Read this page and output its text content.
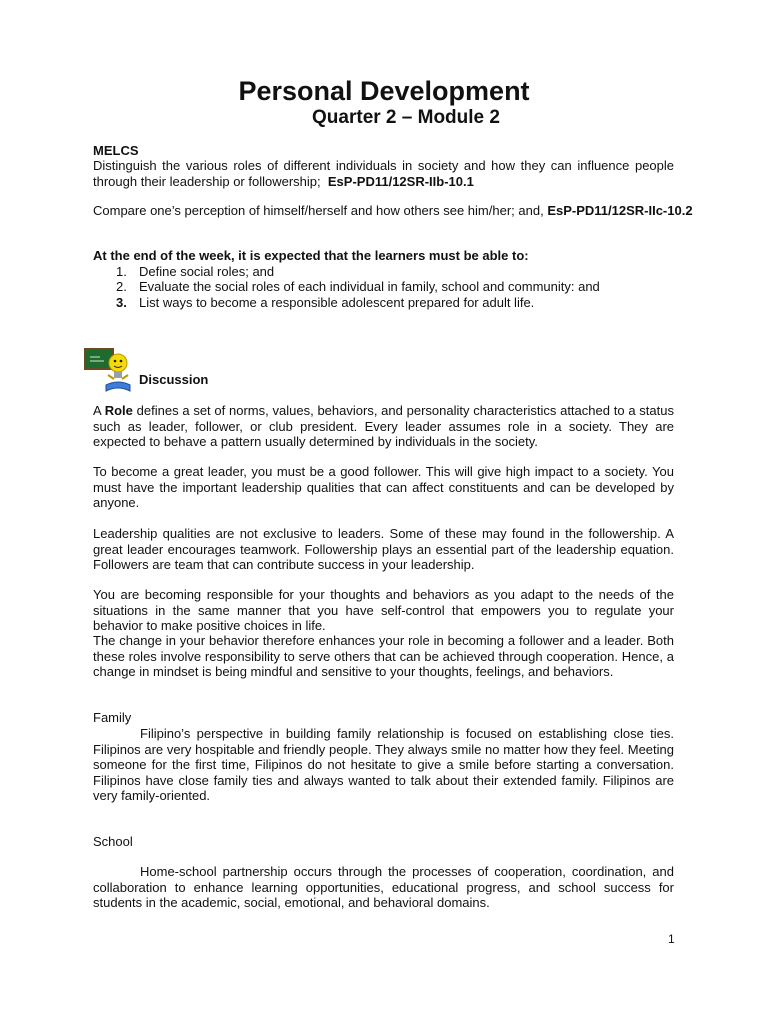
Personal Development
Quarter 2 – Module 2
MELCS
Distinguish the various roles of different individuals in society and how they can influence people through their leadership or followership; EsP-PD11/12SR-IIb-10.1
Compare one’s perception of himself/herself and how others see him/her; and, EsP-PD11/12SR-IIc-10.2
At the end of the week, it is expected that the learners must be able to:
1. Define social roles; and
2. Evaluate the social roles of each individual in family, school and community: and
3. List ways to become a responsible adolescent prepared for adult life.
Discussion
A Role defines a set of norms, values, behaviors, and personality characteristics attached to a status such as leader, follower, or club president. Every leader assumes role in a society. They are expected to behave a pattern usually determined by individuals in the society.
To become a great leader, you must be a good follower. This will give high impact to a society. You must have the important leadership qualities that can affect constituents and can be developed by anyone.
Leadership qualities are not exclusive to leaders. Some of these may found in the followership. A great leader encourages teamwork. Followership plays an essential part of the leadership equation. Followers are team that can contribute success in your leadership.
You are becoming responsible for your thoughts and behaviors as you adapt to the needs of the situations in the same manner that you have self-control that empowers you to regulate your behavior to make positive choices in life.
The change in your behavior therefore enhances your role in becoming a follower and a leader. Both these roles involve responsibility to serve others that can be achieved through cooperation. Hence, a change in mindset is being mindful and sensitive to your thoughts, feelings, and behaviors.
Family
Filipino’s perspective in building family relationship is focused on establishing close ties. Filipinos are very hospitable and friendly people. They always smile no matter how they feel. Meeting someone for the first time, Filipinos do not hesitate to give a smile before starting a conversation. Filipinos have close family ties and always wanted to talk about their extended family. Filipinos are very family-oriented.
School
Home-school partnership occurs through the processes of cooperation, coordination, and collaboration to enhance learning opportunities, educational progress, and school success for students in the academic, social, emotional, and behavioral domains.
1
